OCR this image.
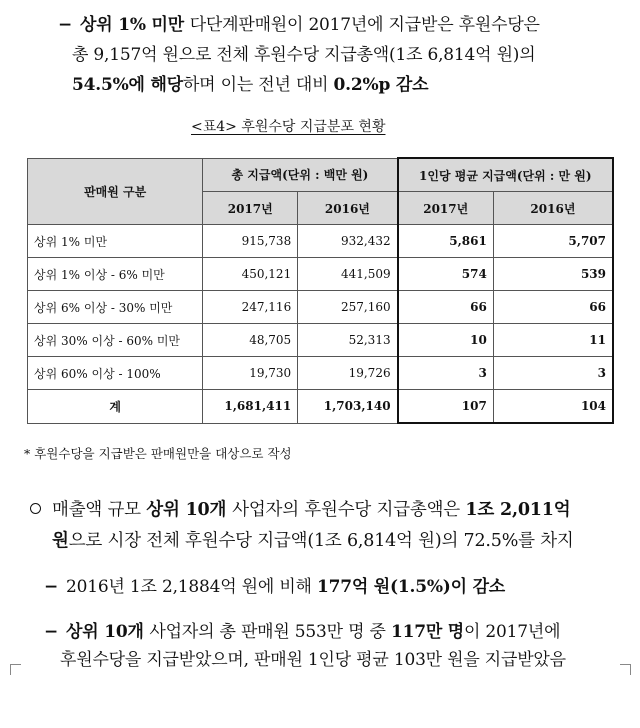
− 상위 1% 미만 다단계판매원이 2017년에 지급받은 후원수당은
총 9,157억 원으로 전체 후원수당 지급총액(1조 6,814억 원)의
54.5%에 해당하며 이는 전년 대비 0.2%p 감소
<표4> 후원수당 지급분포 현황
판매원 구분	총 지급액(단위 : 백만 원)		1인당 평균 지급액(단위 : 만 원)	
	2017년	2016년	2017년	2016년
상위 1% 미만	915,738	932,432	5,861	5,707
상위 1% 이상 - 6% 미만	450,121	441,509	574	539
상위 6% 이상 - 30% 미만	247,116	257,160	66	66
상위 30% 이상 - 60% 미만	48,705	52,313	10	11
상위 60% 이상 - 100%	19,730	19,726	3	3
계	1,681,411	1,703,140	107	104
* 후원수당을 지급받은 판매원만을 대상으로 작성
매출액 규모 상위 10개 사업자의 후원수당 지급총액은 1조 2,011억
원으로 시장 전체 후원수당 지급액(1조 6,814억 원)의 72.5%를 차지
− 2016년 1조 2,1884억 원에 비해 177억 원(1.5%)이 감소
− 상위 10개 사업자의 총 판매원 553만 명 중 117만 명이 2017년에
후원수당을 지급받았으며, 판매원 1인당 평균 103만 원을 지급받았음
